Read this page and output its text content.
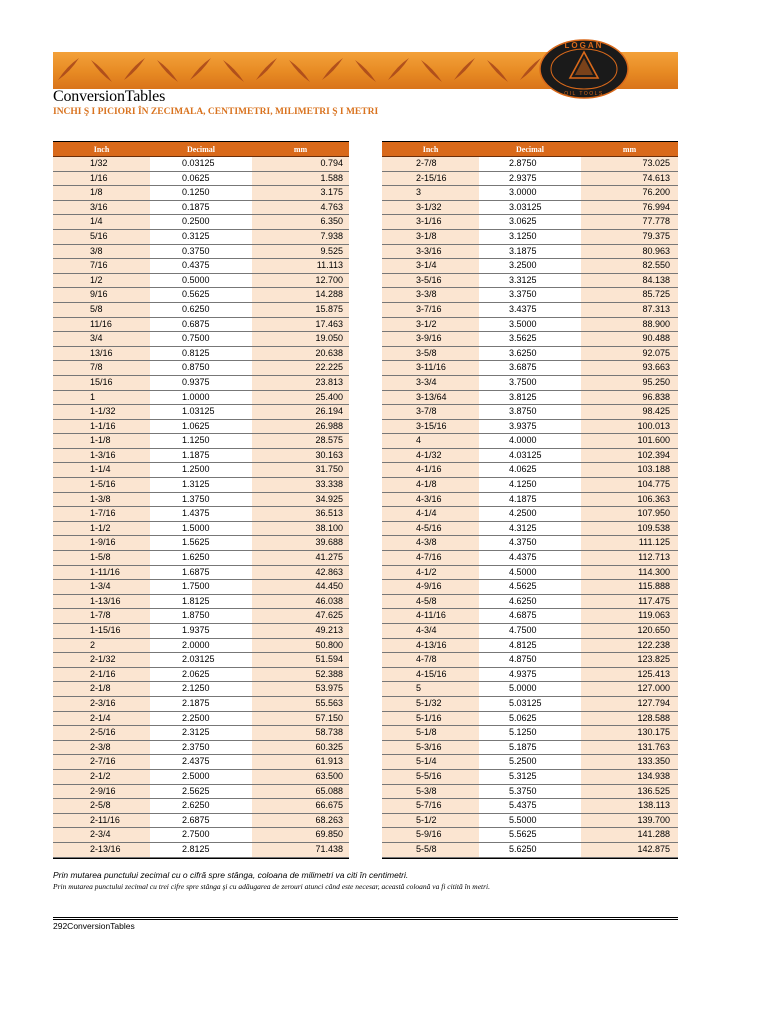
LOGAN
OIL TOOLS
ConversionTables
INCHI Ş I PICIORI ÎN ZECIMALA, CENTIMETRI, MILIMETRI Ş I METRI
Inch	Decimal	mm
1/32	0.03125	0.794
1/16	0.0625	1.588
1/8	0.1250	3.175
3/16	0.1875	4.763
1/4	0.2500	6.350
5/16	0.3125	7.938
3/8	0.3750	9.525
7/16	0.4375	11.113
1/2	0.5000	12.700
9/16	0.5625	14.288
5/8	0.6250	15.875
11/16	0.6875	17.463
3/4	0.7500	19.050
13/16	0.8125	20.638
7/8	0.8750	22.225
15/16	0.9375	23.813
1	1.0000	25.400
1-1/32	1.03125	26.194
1-1/16	1.0625	26.988
1-1/8	1.1250	28.575
1-3/16	1.1875	30.163
1-1/4	1.2500	31.750
1-5/16	1.3125	33.338
1-3/8	1.3750	34.925
1-7/16	1.4375	36.513
1-1/2	1.5000	38.100
1-9/16	1.5625	39.688
1-5/8	1.6250	41.275
1-11/16	1.6875	42.863
1-3/4	1.7500	44.450
1-13/16	1.8125	46.038
1-7/8	1.8750	47.625
1-15/16	1.9375	49.213
2	2.0000	50.800
2-1/32	2.03125	51.594
2-1/16	2.0625	52.388
2-1/8	2.1250	53.975
2-3/16	2.1875	55.563
2-1/4	2.2500	57.150
2-5/16	2.3125	58.738
2-3/8	2.3750	60.325
2-7/16	2.4375	61.913
2-1/2	2.5000	63.500
2-9/16	2.5625	65.088
2-5/8	2.6250	66.675
2-11/16	2.6875	68.263
2-3/4	2.7500	69.850
2-13/16	2.8125	71.438
Inch	Decimal	mm
2-7/8	2.8750	73.025
2-15/16	2.9375	74.613
3	3.0000	76.200
3-1/32	3.03125	76.994
3-1/16	3.0625	77.778
3-1/8	3.1250	79.375
3-3/16	3.1875	80.963
3-1/4	3.2500	82.550
3-5/16	3.3125	84.138
3-3/8	3.3750	85.725
3-7/16	3.4375	87.313
3-1/2	3.5000	88.900
3-9/16	3.5625	90.488
3-5/8	3.6250	92.075
3-11/16	3.6875	93.663
3-3/4	3.7500	95.250
3-13/64	3.8125	96.838
3-7/8	3.8750	98.425
3-15/16	3.9375	100.013
4	4.0000	101.600
4-1/32	4.03125	102.394
4-1/16	4.0625	103.188
4-1/8	4.1250	104.775
4-3/16	4.1875	106.363
4-1/4	4.2500	107.950
4-5/16	4.3125	109.538
4-3/8	4.3750	111.125
4-7/16	4.4375	112.713
4-1/2	4.5000	114.300
4-9/16	4.5625	115.888
4-5/8	4.6250	117.475
4-11/16	4.6875	119.063
4-3/4	4.7500	120.650
4-13/16	4.8125	122.238
4-7/8	4.8750	123.825
4-15/16	4.9375	125.413
5	5.0000	127.000
5-1/32	5.03125	127.794
5-1/16	5.0625	128.588
5-1/8	5.1250	130.175
5-3/16	5.1875	131.763
5-1/4	5.2500	133.350
5-5/16	5.3125	134.938
5-3/8	5.3750	136.525
5-7/16	5.4375	138.113
5-1/2	5.5000	139.700
5-9/16	5.5625	141.288
5-5/8	5.6250	142.875
Prin mutarea punctului zecimal cu o cifră spre stânga, coloana de milimetri va citi în centimetri.
Prin mutarea punctului zecimal cu trei cifre spre stânga şi cu adăugarea de zerouri atunci când este necesar, această coloană va fi citită în metri.
292ConversionTables
